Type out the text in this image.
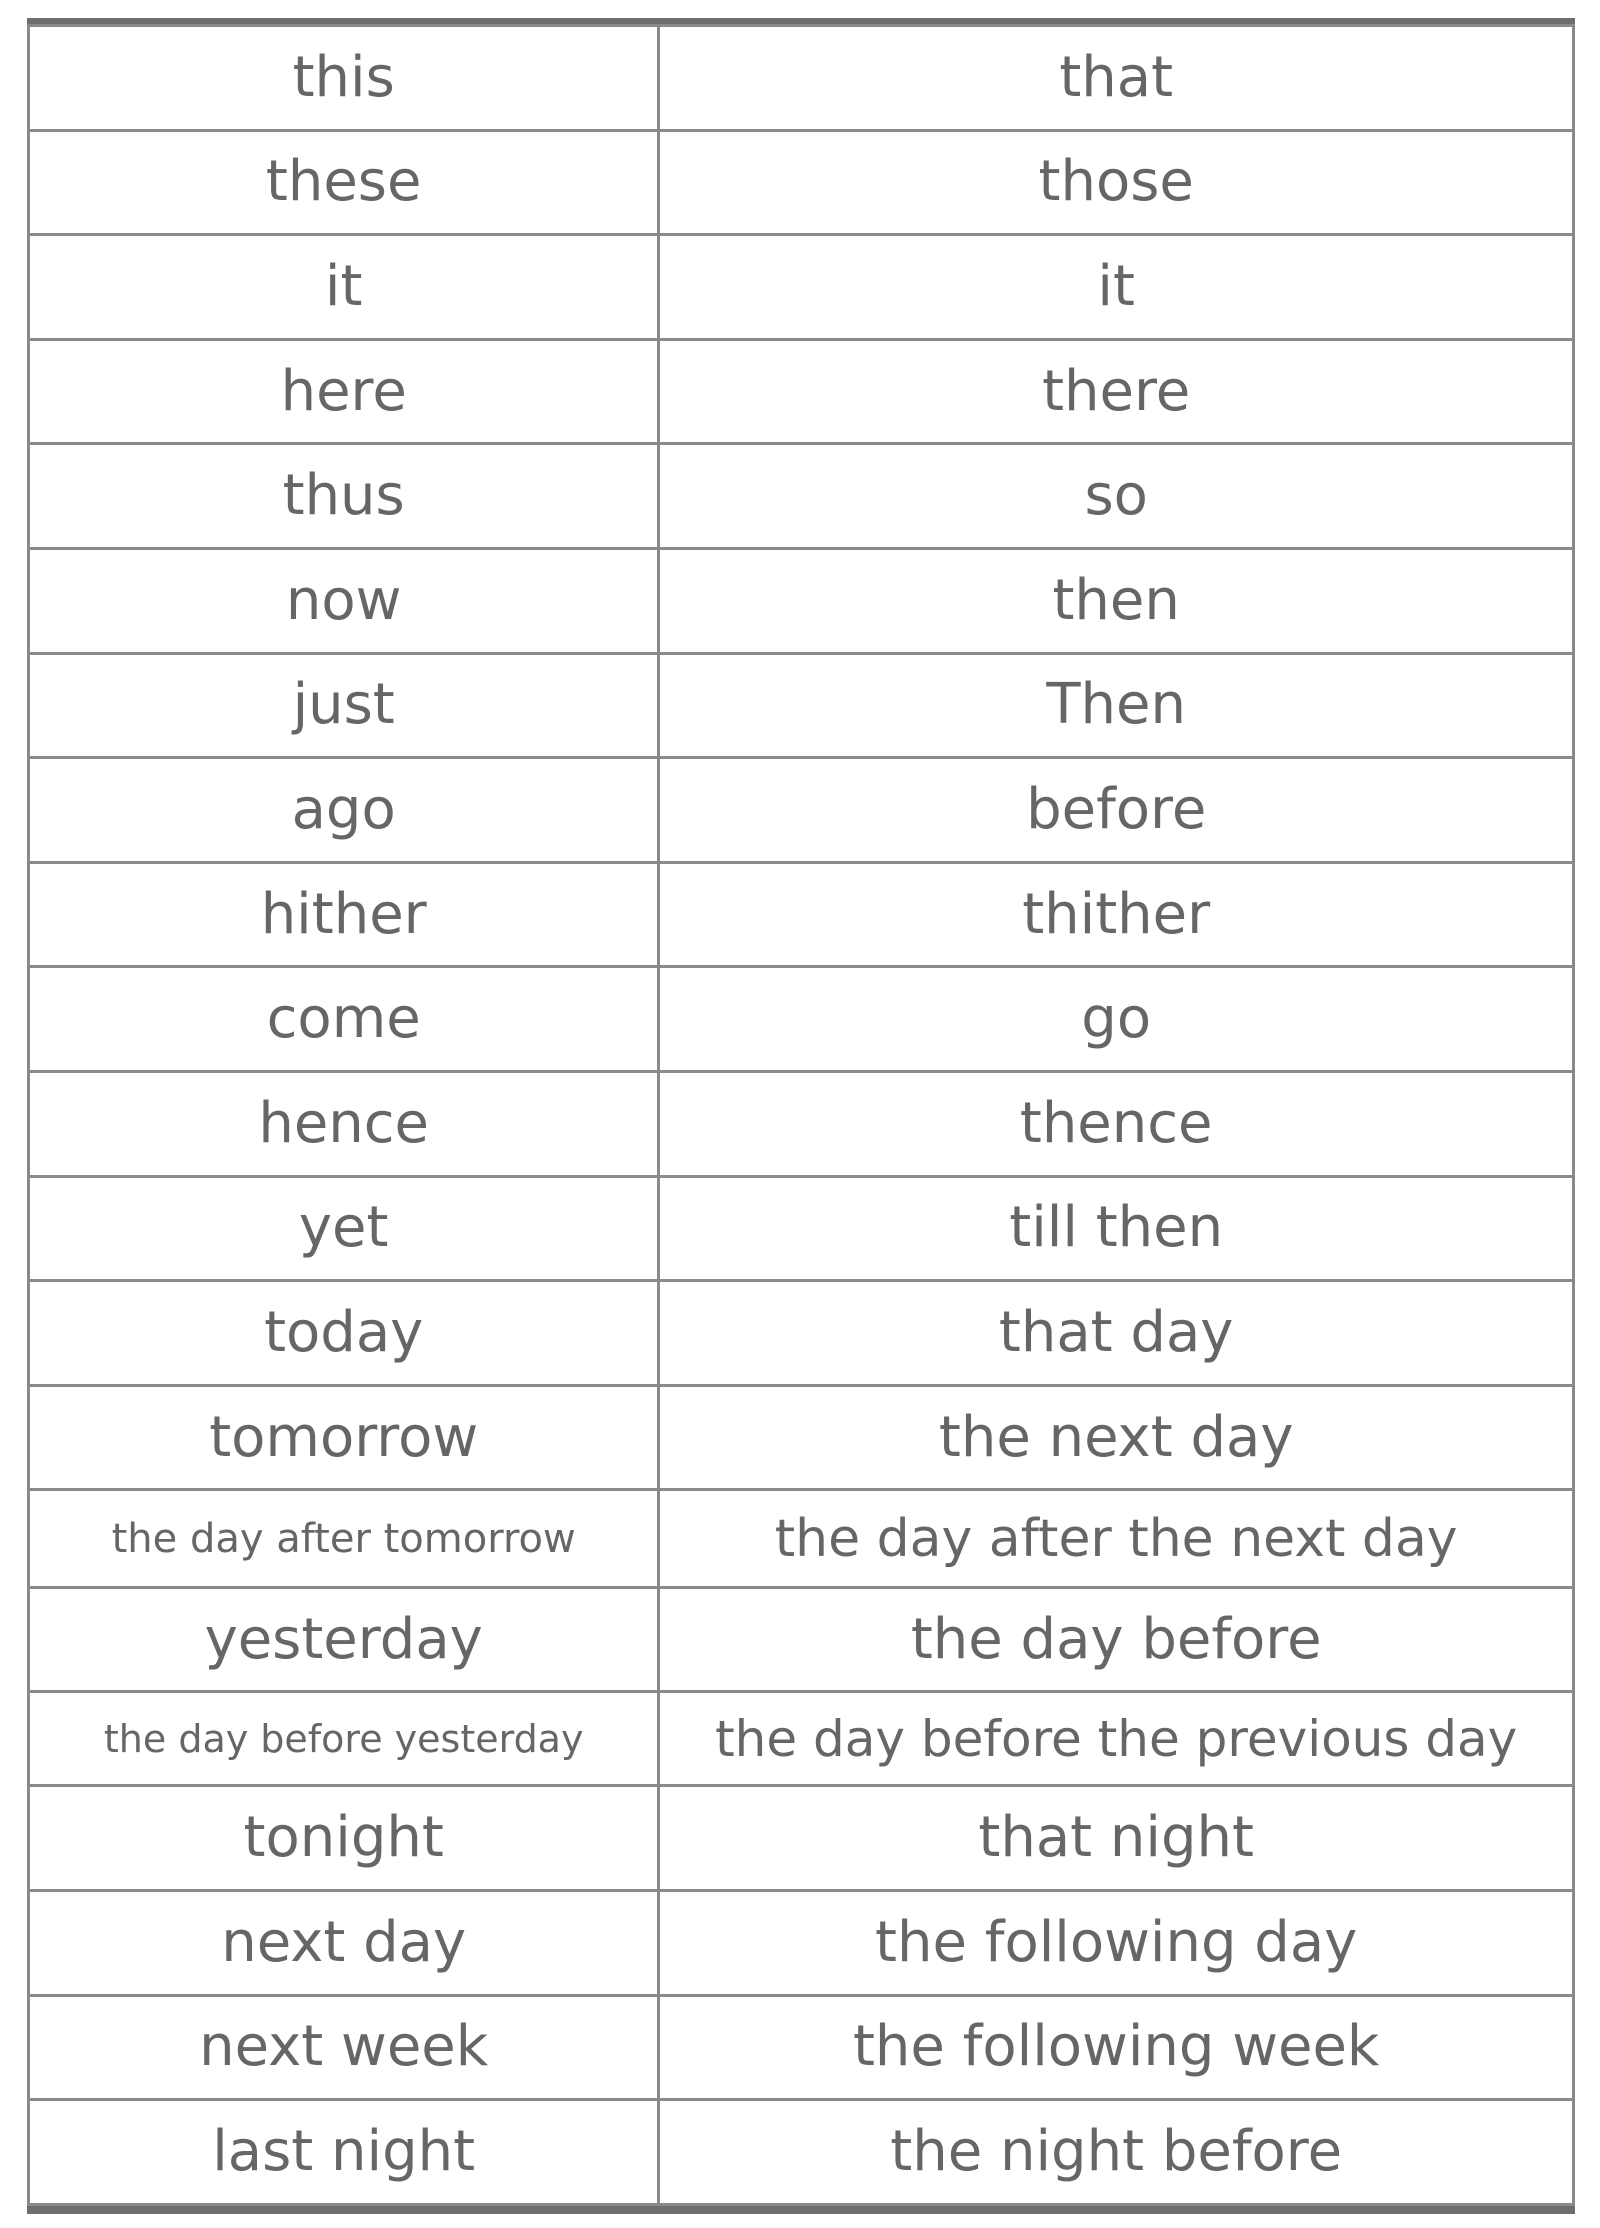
this	that
these	those
it	it
here	there
thus	so
now	then
just	Then
ago	before
hither	thither
come	go
hence	thence
yet	till then
today	that day
tomorrow	the next day
the day after tomorrow	the day after the next day
yesterday	the day before
the day before yesterday	the day before the previous day
tonight	that night
next day	the following day
next week	the following week
last night	the night before
